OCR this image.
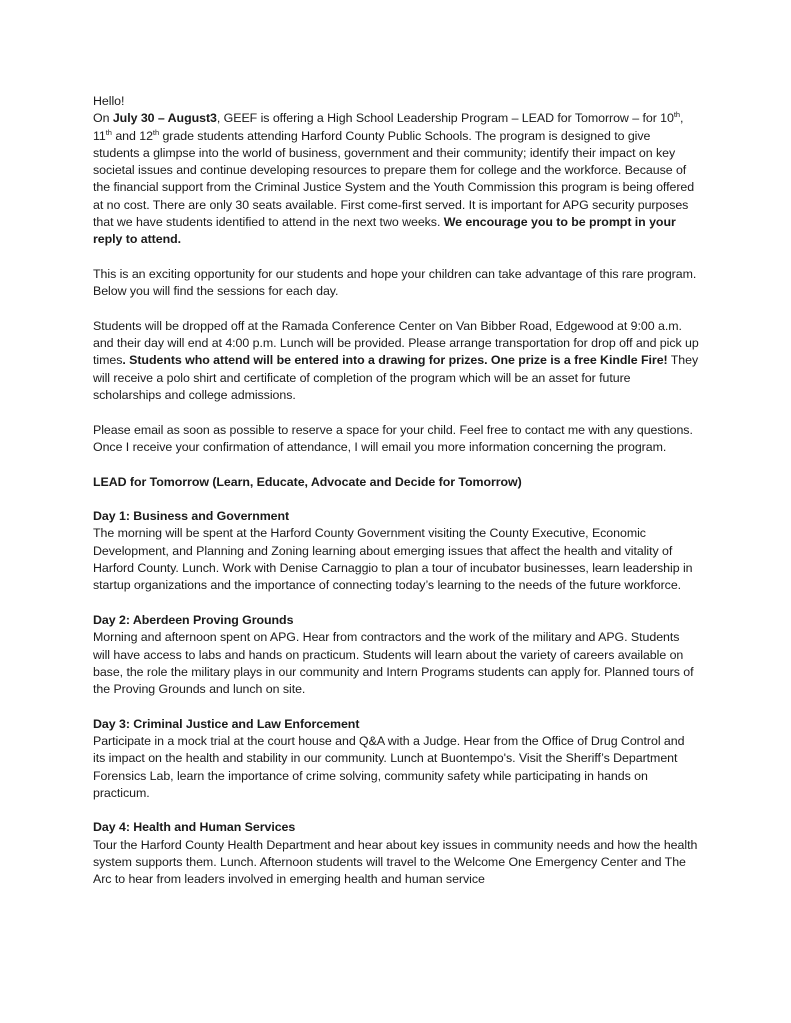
Hello!

On July 30 – August3, GEEF is offering a High School Leadership Program – LEAD for Tomorrow – for 10th, 11th and 12th grade students attending Harford County Public Schools. The program is designed to give students a glimpse into the world of business, government and their community; identify their impact on key societal issues and continue developing resources to prepare them for college and the workforce. Because of the financial support from the Criminal Justice System and the Youth Commission this program is being offered at no cost. There are only 30 seats available. First come-first served. It is important for APG security purposes that we have students identified to attend in the next two weeks. We encourage you to be prompt in your reply to attend.

This is an exciting opportunity for our students and hope your children can take advantage of this rare program. Below you will find the sessions for each day.

Students will be dropped off at the Ramada Conference Center on Van Bibber Road, Edgewood at 9:00 a.m. and their day will end at 4:00 p.m. Lunch will be provided. Please arrange transportation for drop off and pick up times. Students who attend will be entered into a drawing for prizes. One prize is a free Kindle Fire! They will receive a polo shirt and certificate of completion of the program which will be an asset for future scholarships and college admissions.

Please email as soon as possible to reserve a space for your child. Feel free to contact me with any questions. Once I receive your confirmation of attendance, I will email you more information concerning the program.

LEAD for Tomorrow (Learn, Educate, Advocate and Decide for Tomorrow)

Day 1: Business and Government

The morning will be spent at the Harford County Government visiting the County Executive, Economic Development, and Planning and Zoning learning about emerging issues that affect the health and vitality of Harford County. Lunch. Work with Denise Carnaggio to plan a tour of incubator businesses, learn leadership in startup organizations and the importance of connecting today’s learning to the needs of the future workforce.

Day 2: Aberdeen Proving Grounds

Morning and afternoon spent on APG. Hear from contractors and the work of the military and APG. Students will have access to labs and hands on practicum. Students will learn about the variety of careers available on base, the role the military plays in our community and Intern Programs students can apply for. Planned tours of the Proving Grounds and lunch on site.

Day 3: Criminal Justice and Law Enforcement

Participate in a mock trial at the court house and Q&A with a Judge. Hear from the Office of Drug Control and its impact on the health and stability in our community. Lunch at Buontempo's. Visit the Sheriff’s Department Forensics Lab, learn the importance of crime solving, community safety while participating in hands on practicum.

Day 4: Health and Human Services

Tour the Harford County Health Department and hear about key issues in community needs and how the health system supports them. Lunch. Afternoon students will travel to the Welcome One Emergency Center and The Arc to hear from leaders involved in emerging health and human service
